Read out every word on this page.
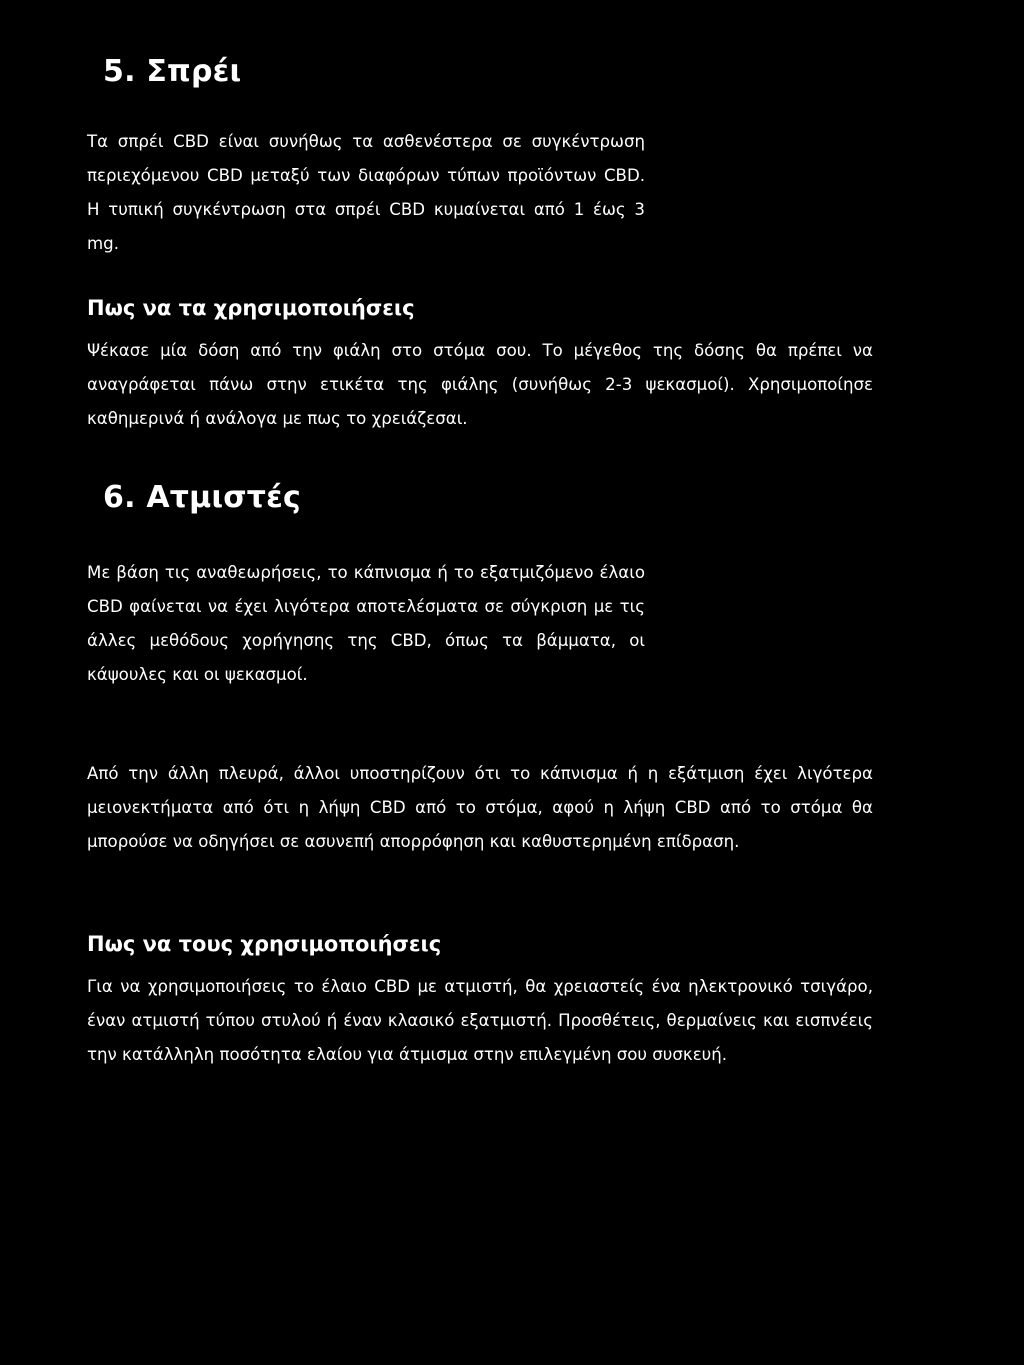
5. Σπρέι

Τα σπρέι CBD είναι συνήθως τα ασθενέστερα σε συγκέντρωση περιεχόμενου CBD μεταξύ των διαφόρων τύπων προϊόντων CBD. Η τυπική συγκέντρωση στα σπρέι CBD κυμαίνεται από 1 έως 3 mg.

Πως να τα χρησιμοποιήσεις

Ψέκασε μία δόση από την φιάλη στο στόμα σου. Το μέγεθος της δόσης θα πρέπει να αναγράφεται πάνω στην ετικέτα της φιάλης (συνήθως 2-3 ψεκασμοί). Χρησιμοποίησε καθημερινά ή ανάλογα με πως το χρειάζεσαι.

6. Ατμιστές

Με βάση τις αναθεωρήσεις, το κάπνισμα ή το εξατμιζόμενο έλαιο CBD φαίνεται να έχει λιγότερα αποτελέσματα σε σύγκριση με τις άλλες μεθόδους χορήγησης της CBD, όπως τα βάμματα, οι κάψουλες και οι ψεκασμοί.

Από την άλλη πλευρά, άλλοι υποστηρίζουν ότι το κάπνισμα ή η εξάτμιση έχει λιγότερα μειονεκτήματα από ότι η λήψη CBD από το στόμα, αφού η λήψη CBD από το στόμα θα μπορούσε να οδηγήσει σε ασυνεπή απορρόφηση και καθυστερημένη επίδραση.

Πως να τους χρησιμοποιήσεις

Για να χρησιμοποιήσεις το έλαιο CBD με ατμιστή, θα χρειαστείς ένα ηλεκτρονικό τσιγάρο, έναν ατμιστή τύπου στυλού ή έναν κλασικό εξατμιστή. Προσθέτεις, θερμαίνεις και εισπνέεις την κατάλληλη ποσότητα ελαίου για άτμισμα στην επιλεγμένη σου συσκευή.
